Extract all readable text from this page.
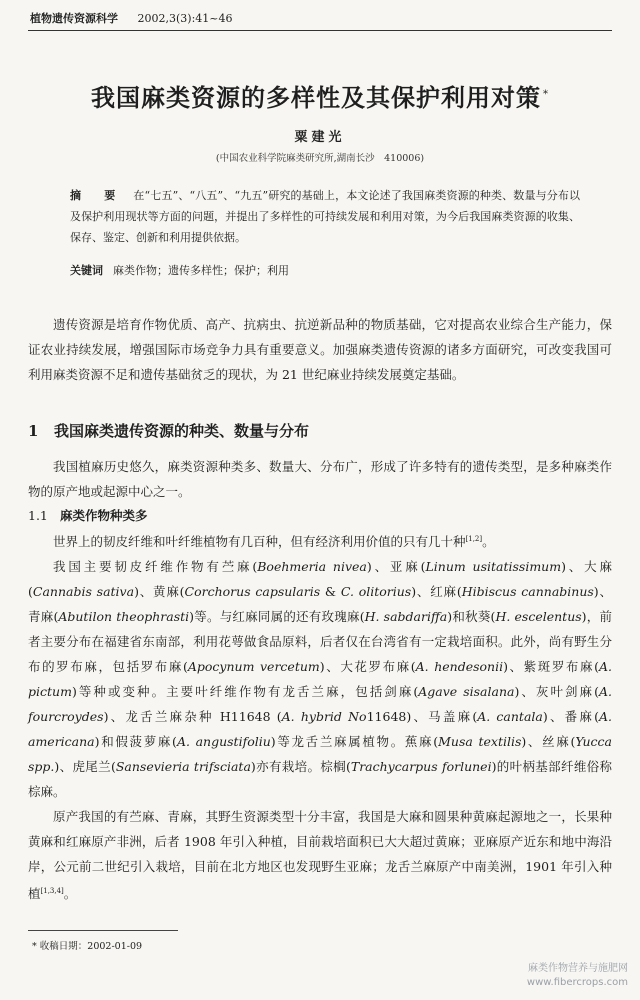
植物遗传资源科学 2002,3(3):41~46
我国麻类资源的多样性及其保护利用对策 *
粟建光
(中国农业科学院麻类研究所,湖南长沙　410006)
摘　要 在“七五”、“八五”、“九五”研究的基础上，本文论述了我国麻类资源的种类、数量与分布以及保护利用现状等方面的问题，并提出了多样性的可持续发展和利用对策，为今后我国麻类资源的收集、保存、鉴定、创新和利用提供依据。
关键词 麻类作物；遗传多样性；保护；利用

遗传资源是培育作物优质、高产、抗病虫、抗逆新品种的物质基础，它对提高农业综合生产能力，保证农业持续发展，增强国际市场竞争力具有重要意义。加强麻类遗传资源的诸多方面研究，可改变我国可利用麻类资源不足和遗传基础贫乏的现状，为 21 世纪麻业持续发展奠定基础。

1 我国麻类遗传资源的种类、数量与分布

我国植麻历史悠久，麻类资源种类多、数量大、分布广，形成了许多特有的遗传类型，是多种麻类作物的原产地或起源中心之一。

1.1 麻类作物种类多

世界上的韧皮纤维和叶纤维植物有几百种，但有经济利用价值的只有几十种[1,2]。

我国主要韧皮纤维作物有苎麻(Boehmeria nivea)、亚麻(Linum usitatissimum)、大麻(Cannabis sativa)、黄麻(Corchorus capsularis & C. olitorius)、红麻(Hibiscus cannabinus)、青麻(Abutilon theophrasti)等。与红麻同属的还有玫瑰麻(H. sabdariffa)和秋葵(H. escelentus)，前者主要分布在福建省东南部，利用花萼做食品原料，后者仅在台湾省有一定栽培面积。此外，尚有野生分布的罗布麻，包括罗布麻(Apocynum vercetum)、大花罗布麻(A. hendesonii)、紫斑罗布麻(A. pictum)等种或变种。主要叶纤维作物有龙舌兰麻，包括剑麻(Agave sisalana)、灰叶剑麻(A. fourcroydes)、龙舌兰麻杂种 H11648 (A. hybrid No11648)、马盖麻(A. cantala)、番麻(A. americana)和假菠萝麻(A. angustifoliu)等龙舌兰麻属植物。蕉麻(Musa textilis)、丝麻(Yucca spp.)、虎尾兰(Sansevieria trifsciata)亦有栽培。棕榈(Trachycarpus forlunei)的叶柄基部纤维俗称棕麻。

原产我国的有苎麻、青麻，其野生资源类型十分丰富，我国是大麻和圆果种黄麻起源地之一，长果种黄麻和红麻原产非洲，后者 1908 年引入种植，目前栽培面积已大大超过黄麻；亚麻原产近东和地中海沿岸，公元前二世纪引入栽培，目前在北方地区也发现野生亚麻；龙舌兰麻原产中南美洲，1901 年引入种植[1,3,4]。

* 收稿日期：2002-01-09
麻类作物营养与施肥网
www.fibercrops.com
